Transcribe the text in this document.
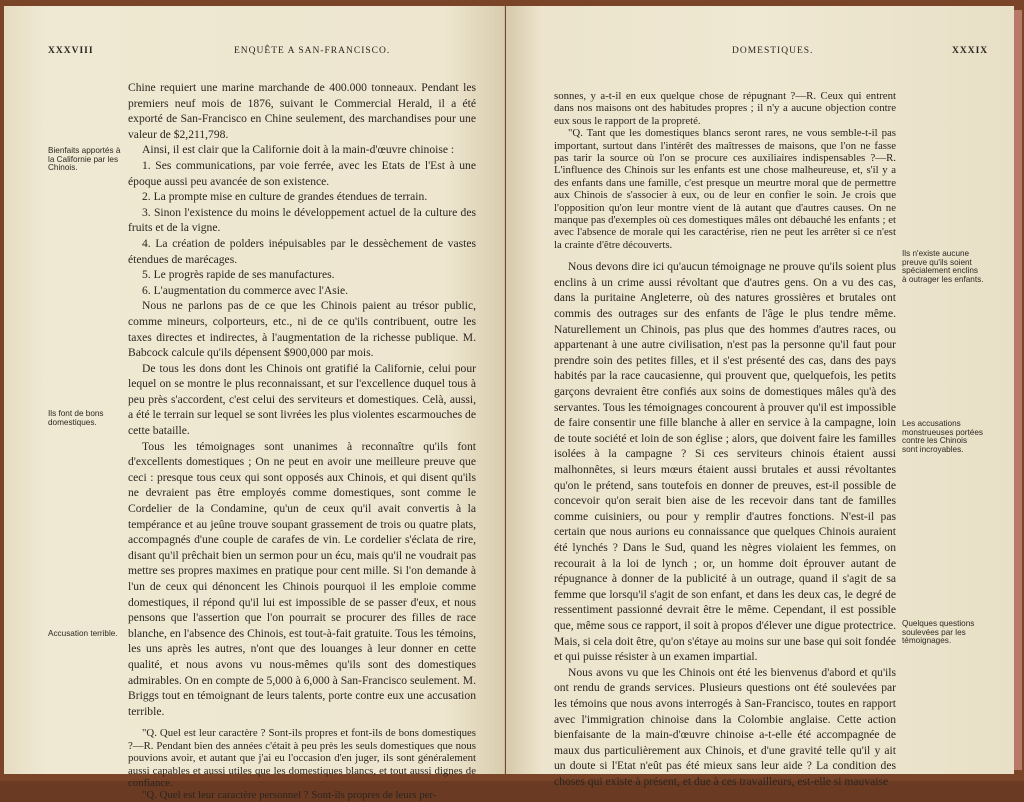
XXXVIII	ENQUÊTE A SAN-FRANCISCO.

Chine requiert une marine marchande de 400.000 tonneaux. Pendant les premiers neuf mois de 1876, suivant le Commercial Herald, il a été exporté de San-Francisco en Chine seulement, des marchandises pour une valeur de $2,211,798.

Ainsi, il est clair que la Californie doit à la main-d'œuvre chinoise :

1. Ses communications, par voie ferrée, avec les Etats de l'Est à une époque aussi peu avancée de son existence.

2. La prompte mise en culture de grandes étendues de terrain.

3. Sinon l'existence du moins le développement actuel de la culture des fruits et de la vigne.

4. La création de polders inépuisables par le dessèchement de vastes étendues de marécages.

5. Le progrès rapide de ses manufactures.

6. L'augmentation du commerce avec l'Asie.

Nous ne parlons pas de ce que les Chinois paient au trésor public, comme mineurs, colporteurs, etc., ni de ce qu'ils contribuent, outre les taxes directes et indirectes, à l'augmentation de la richesse publique. M. Babcock calcule qu'ils dépensent $900,000 par mois.

De tous les dons dont les Chinois ont gratifié la Californie, celui pour lequel on se montre le plus reconnaissant, et sur l'excellence duquel tous à peu près s'accordent, c'est celui des serviteurs et domestiques. Celà, aussi, a été le terrain sur lequel se sont livrées les plus violentes escarmouches de cette bataille.

Tous les témoignages sont unanimes à reconnaître qu'ils font d'excellents domestiques ; On ne peut en avoir une meilleure preuve que ceci : presque tous ceux qui sont opposés aux Chinois, et qui disent qu'ils ne devraient pas être employés comme domestiques, sont comme le Cordelier de la Condamine, qu'un de ceux qu'il avait convertis à la tempérance et au jeûne trouve soupant grassement de trois ou quatre plats, accompagnés d'une couple de carafes de vin. Le cordelier s'éclata de rire, disant qu'il prêchait bien un sermon pour un écu, mais qu'il ne voudrait pas mettre ses propres maximes en pratique pour cent mille. Si l'on demande à l'un de ceux qui dénoncent les Chinois pourquoi il les emploie comme domestiques, il répond qu'il lui est impossible de se passer d'eux, et nous pensons que l'assertion que l'on pourrait se procurer des filles de race blanche, en l'absence des Chinois, est tout-à-fait gratuite. Tous les témoins, les uns après les autres, n'ont que des louanges à leur donner en cette qualité, et nous avons vu nous-mêmes qu'ils sont des domestiques admirables. On en compte de 5,000 à 6,000 à San-Francisco seulement. M. Briggs tout en témoignant de leurs talents, porte contre eux une accusation terrible.

"Q. Quel est leur caractère ? Sont-ils propres et font-ils de bons domestiques ?—R. Pendant bien des années c'était à peu près les seuls domestiques que nous pouvions avoir, et autant que j'ai eu l'occasion d'en juger, ils sont généralement aussi capables et aussi utiles que les domestiques blancs, et tout aussi dignes de confiance.

"Q. Quel est leur caractère personnel ? Sont-ils propres de leurs per-

Bienfaits apportés à la Californie par les Chinois.
Ils font de bons domestiques.
Accusation terrible.
DOMESTIQUES.	XXXIX

sonnes, y a-t-il en eux quelque chose de répugnant ?—R. Ceux qui entrent dans nos maisons ont des habitudes propres ; il n'y a aucune objection contre eux sous le rapport de la propreté.

"Q. Tant que les domestiques blancs seront rares, ne vous semble-t-il pas important, surtout dans l'intérêt des maîtresses de maisons, que l'on ne fasse pas tarir la source où l'on se procure ces auxiliaires indispensables ?—R. L'influence des Chinois sur les enfants est une chose malheureuse, et, s'il y a des enfants dans une famille, c'est presque un meurtre moral que de permettre aux Chinois de s'associer à eux, ou de leur en confier le soin. Je crois que l'opposition qu'on leur montre vient de là autant que d'autres causes. On ne manque pas d'exemples où ces domestiques mâles ont débauché les enfants ; et avec l'absence de morale qui les caractérise, rien ne peut les arrêter si ce n'est la crainte d'être découverts.

Nous devons dire ici qu'aucun témoignage ne prouve qu'ils soient plus enclins à un crime aussi révoltant que d'autres gens. On a vu des cas, dans la puritaine Angleterre, où des natures grossières et brutales ont commis des outrages sur des enfants de l'âge le plus tendre même. Naturellement un Chinois, pas plus que des hommes d'autres races, ou appartenant à une autre civilisation, n'est pas la personne qu'il faut pour prendre soin des petites filles, et il s'est présenté des cas, dans des pays habités par la race caucasienne, qui prouvent que, quelquefois, les petits garçons devraient être confiés aux soins de domestiques mâles qu'à des servantes. Tous les témoignages concourent à prouver qu'il est impossible de faire consentir une fille blanche à aller en service à la campagne, loin de toute société et loin de son église ; alors, que doivent faire les familles isolées à la campagne ? Si ces serviteurs chinois étaient aussi malhonnêtes, si leurs mœurs étaient aussi brutales et aussi révoltantes qu'on le prétend, sans toutefois en donner de preuves, est-il possible de concevoir qu'on serait bien aise de les recevoir dans tant de familles comme cuisiniers, ou pour y remplir d'autres fonctions. N'est-il pas certain que nous aurions eu connaissance que quelques Chinois auraient été lynchés ? Dans le Sud, quand les nègres violaient les femmes, on recourait à la loi de lynch ; or, un homme doit éprouver autant de répugnance à donner de la publicité à un outrage, quand il s'agit de sa femme que lorsqu'il s'agit de son enfant, et dans les deux cas, le degré de ressentiment passionné devrait être le même. Cependant, il est possible que, même sous ce rapport, il soit à propos d'élever une digue protectrice. Mais, si cela doit être, qu'on s'étaye au moins sur une base qui soit fondée et qui puisse résister à un examen impartial.

Nous avons vu que les Chinois ont été les bienvenus d'abord et qu'ils ont rendu de grands services. Plusieurs questions ont été soulevées par les témoins que nous avons interrogés à San-Francisco, toutes en rapport avec l'immigration chinoise dans la Colombie anglaise. Cette action bienfaisante de la main-d'œuvre chinoise a-t-elle été accompagnée de maux dus particulièrement aux Chinois, et d'une gravité telle qu'il y ait un doute si l'Etat n'eût pas été mieux sans leur aide ? La condition des choses qui existe à présent, et due à ces travailleurs, est-elle si mauvaise

Ils n'existe aucune preuve qu'ils soient spécialement enclins à outrager les enfants.
Les accusations monstrueuses portées contre les Chinois sont incroyables.
Quelques questions soulevées par les témoignages.
